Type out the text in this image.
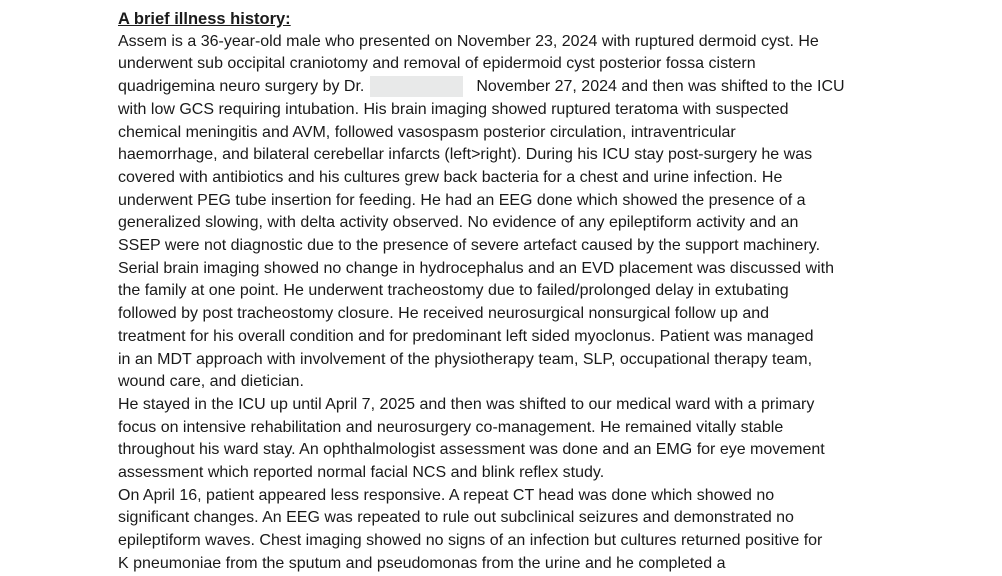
A brief illness history:
Assem is a 36-year-old male who presented on November 23, 2024 with ruptured dermoid cyst. He
underwent sub occipital craniotomy and removal of epidermoid cyst posterior fossa cistern
quadrigemina neuro surgery by Dr.	November 27, 2024 and then was shifted to the ICU
with low GCS requiring intubation. His brain imaging showed ruptured teratoma with suspected
chemical meningitis and AVM, followed vasospasm posterior circulation, intraventricular
haemorrhage, and bilateral cerebellar infarcts (left>right). During his ICU stay post-surgery he was
covered with antibiotics and his cultures grew back bacteria for a chest and urine infection. He
underwent PEG tube insertion for feeding. He had an EEG done which showed the presence of a
generalized slowing, with delta activity observed. No evidence of any epileptiform activity and an
SSEP were not diagnostic due to the presence of severe artefact caused by the support machinery.
Serial brain imaging showed no change in hydrocephalus and an EVD placement was discussed with
the family at one point. He underwent tracheostomy due to failed/prolonged delay in extubating
followed by post tracheostomy closure. He received neurosurgical nonsurgical follow up and
treatment for his overall condition and for predominant left sided myoclonus. Patient was managed
in an MDT approach with involvement of the physiotherapy team, SLP, occupational therapy team,
wound care, and dietician.
He stayed in the ICU up until April 7, 2025 and then was shifted to our medical ward with a primary
focus on intensive rehabilitation and neurosurgery co-management. He remained vitally stable
throughout his ward stay. An ophthalmologist assessment was done and an EMG for eye movement
assessment which reported normal facial NCS and blink reflex study.
On April 16, patient appeared less responsive. A repeat CT head was done which showed no
significant changes. An EEG was repeated to rule out subclinical seizures and demonstrated no
epileptiform waves. Chest imaging showed no signs of an infection but cultures returned positive for
K pneumoniae from the sputum and pseudomonas from the urine and he completed a
